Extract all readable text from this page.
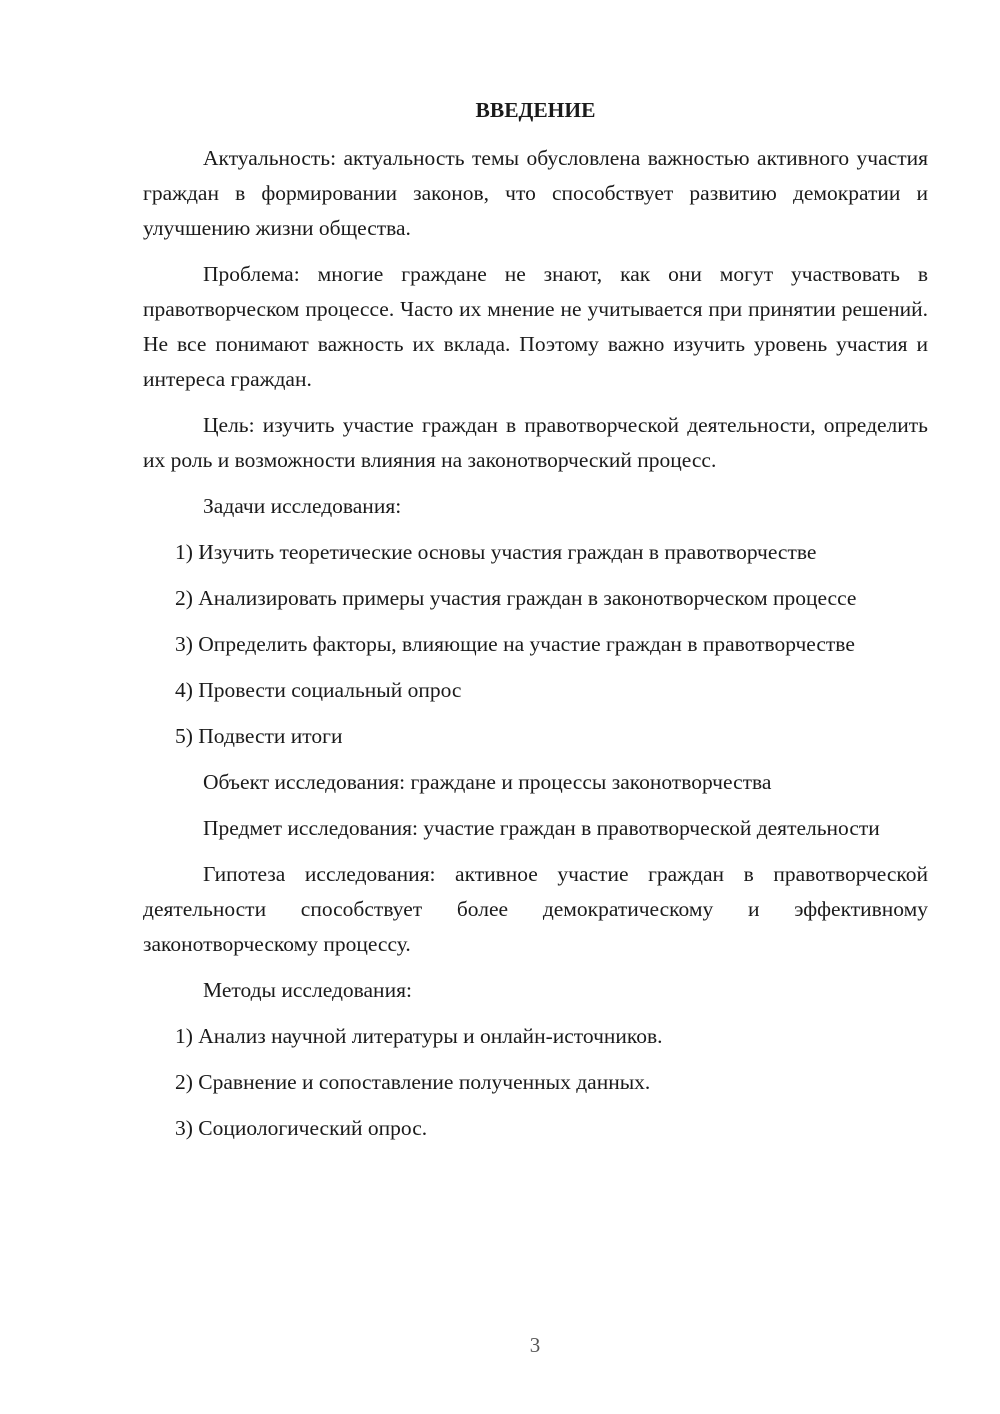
ВВЕДЕНИЕ

Актуальность: актуальность темы обусловлена важностью активного участия граждан в формировании законов, что способствует развитию демократии и улучшению жизни общества.

Проблема: многие граждане не знают, как они могут участвовать в правотворческом процессе. Часто их мнение не учитывается при принятии решений. Не все понимают важность их вклада. Поэтому важно изучить уровень участия и интереса граждан.

Цель: изучить участие граждан в правотворческой деятельности, определить их роль и возможности влияния на законотворческий процесс.

Задачи исследования:

1) Изучить теоретические основы участия граждан в правотворчестве

2) Анализировать примеры участия граждан в законотворческом процессе

3) Определить факторы, влияющие на участие граждан в правотворчестве

4) Провести социальный опрос

5) Подвести итоги

Объект исследования: граждане и процессы законотворчества

Предмет исследования: участие граждан в правотворческой деятельности

Гипотеза исследования: активное участие граждан в правотворческой деятельности способствует более демократическому и эффективному законотворческому процессу.

Методы исследования:

1) Анализ научной литературы и онлайн-источников.

2) Сравнение и сопоставление полученных данных.

3) Социологический опрос.

3
